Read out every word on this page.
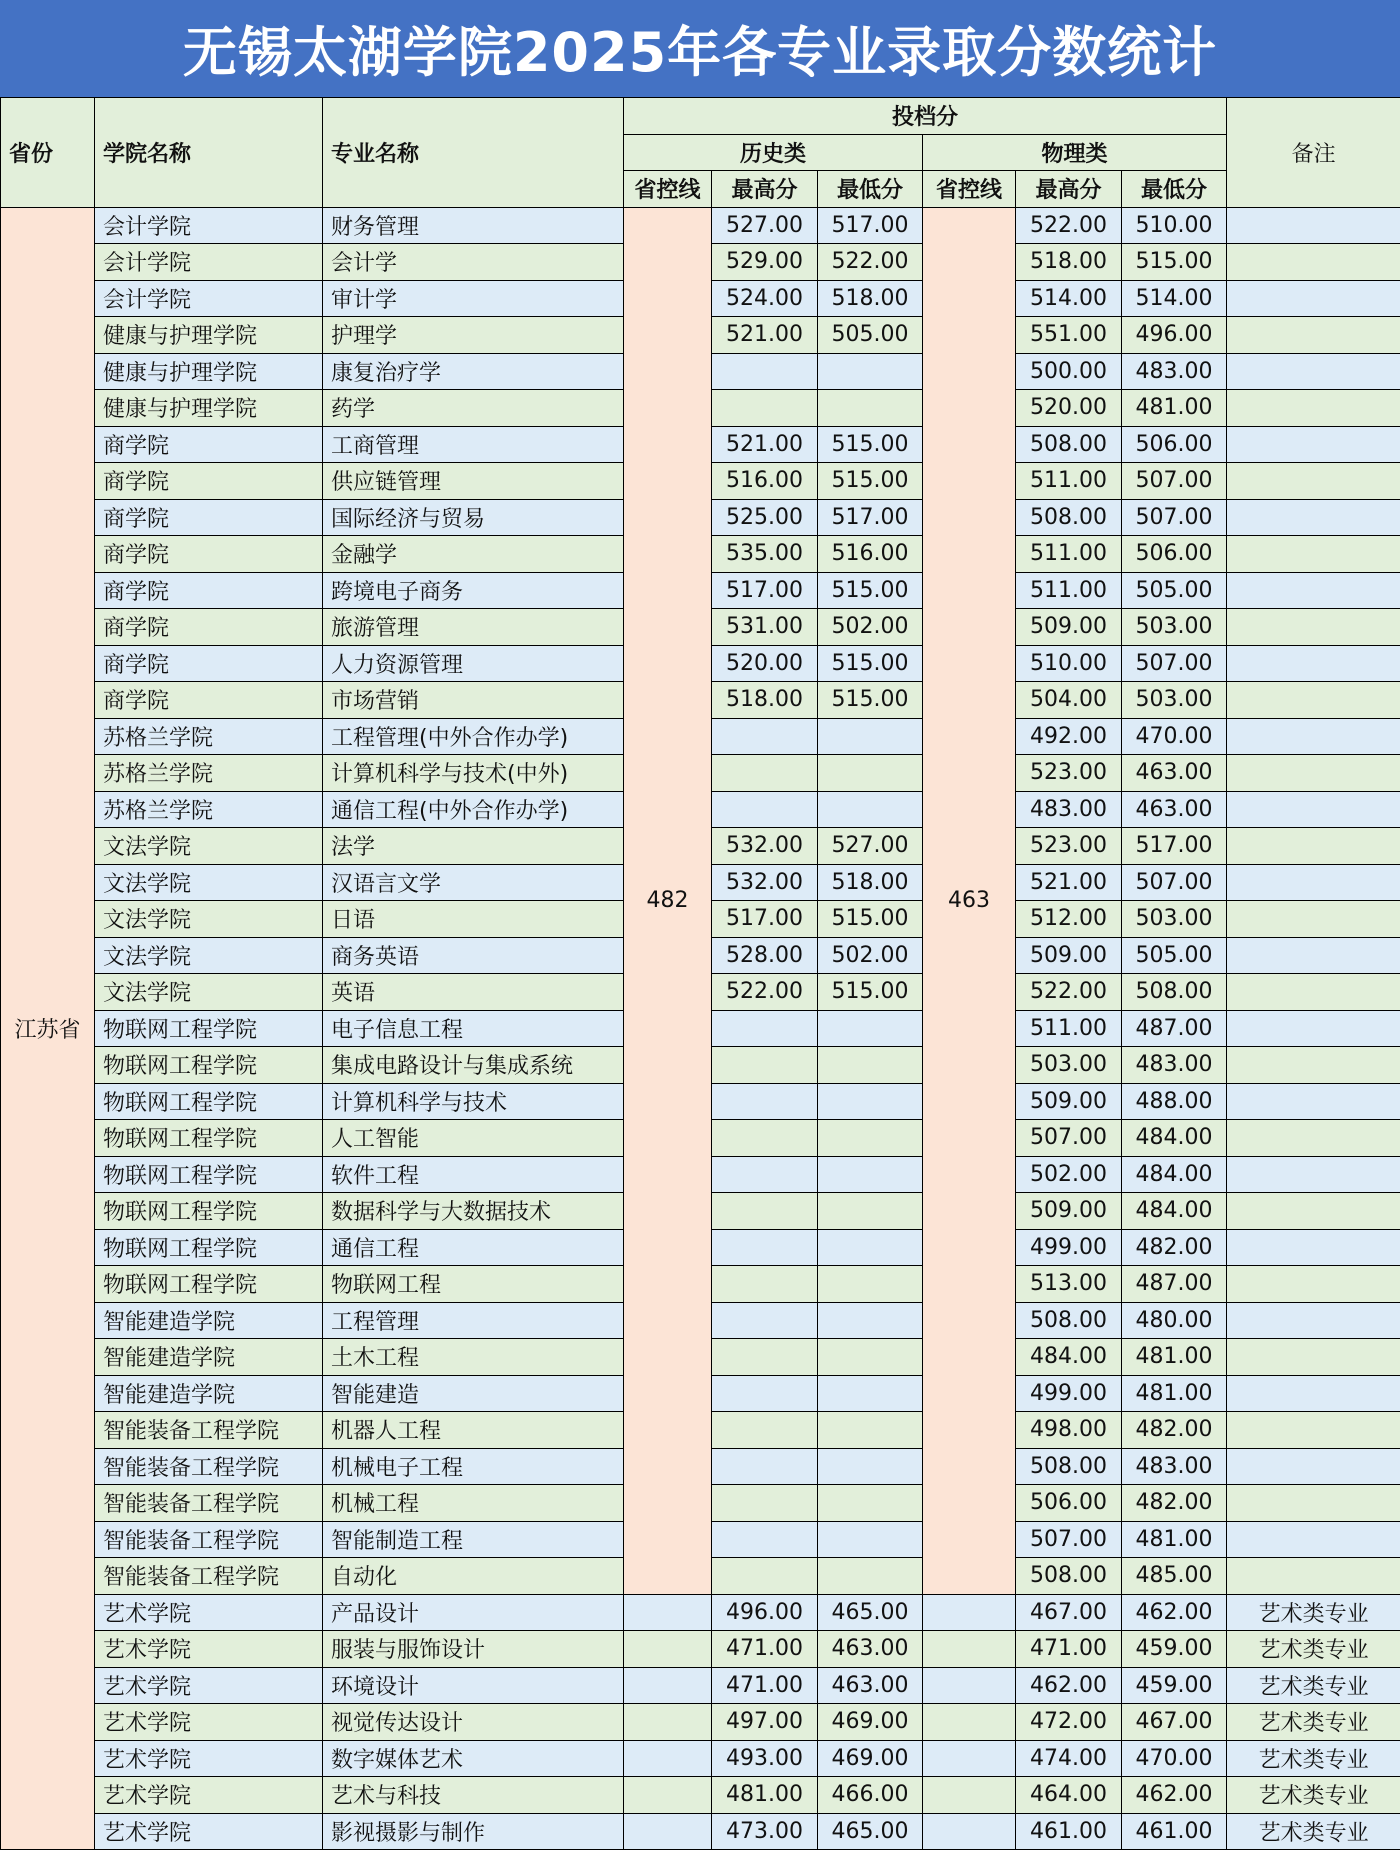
无锡太湖学院2025年各专业录取分数统计
省份	学院名称	专业名称	投档分						备注
			历史类			物理类			
			省控线	最高分	最低分	省控线	最高分	最低分	
江苏省	会计学院	财务管理	482	527.00	517.00	463	522.00	510.00	
	会计学院	会计学		529.00	522.00		518.00	515.00	
	会计学院	审计学		524.00	518.00		514.00	514.00	
	健康与护理学院	护理学		521.00	505.00		551.00	496.00	
	健康与护理学院	康复治疗学					500.00	483.00	
	健康与护理学院	药学					520.00	481.00	
	商学院	工商管理		521.00	515.00		508.00	506.00	
	商学院	供应链管理		516.00	515.00		511.00	507.00	
	商学院	国际经济与贸易		525.00	517.00		508.00	507.00	
	商学院	金融学		535.00	516.00		511.00	506.00	
	商学院	跨境电子商务		517.00	515.00		511.00	505.00	
	商学院	旅游管理		531.00	502.00		509.00	503.00	
	商学院	人力资源管理		520.00	515.00		510.00	507.00	
	商学院	市场营销		518.00	515.00		504.00	503.00	
	苏格兰学院	工程管理(中外合作办学)					492.00	470.00	
	苏格兰学院	计算机科学与技术(中外)					523.00	463.00	
	苏格兰学院	通信工程(中外合作办学)					483.00	463.00	
	文法学院	法学		532.00	527.00		523.00	517.00	
	文法学院	汉语言文学		532.00	518.00		521.00	507.00	
	文法学院	日语		517.00	515.00		512.00	503.00	
	文法学院	商务英语		528.00	502.00		509.00	505.00	
	文法学院	英语		522.00	515.00		522.00	508.00	
	物联网工程学院	电子信息工程					511.00	487.00	
	物联网工程学院	集成电路设计与集成系统					503.00	483.00	
	物联网工程学院	计算机科学与技术					509.00	488.00	
	物联网工程学院	人工智能					507.00	484.00	
	物联网工程学院	软件工程					502.00	484.00	
	物联网工程学院	数据科学与大数据技术					509.00	484.00	
	物联网工程学院	通信工程					499.00	482.00	
	物联网工程学院	物联网工程					513.00	487.00	
	智能建造学院	工程管理					508.00	480.00	
	智能建造学院	土木工程					484.00	481.00	
	智能建造学院	智能建造					499.00	481.00	
	智能装备工程学院	机器人工程					498.00	482.00	
	智能装备工程学院	机械电子工程					508.00	483.00	
	智能装备工程学院	机械工程					506.00	482.00	
	智能装备工程学院	智能制造工程					507.00	481.00	
	智能装备工程学院	自动化					508.00	485.00	
	艺术学院	产品设计		496.00	465.00		467.00	462.00	艺术类专业
	艺术学院	服装与服饰设计		471.00	463.00		471.00	459.00	艺术类专业
	艺术学院	环境设计		471.00	463.00		462.00	459.00	艺术类专业
	艺术学院	视觉传达设计		497.00	469.00		472.00	467.00	艺术类专业
	艺术学院	数字媒体艺术		493.00	469.00		474.00	470.00	艺术类专业
	艺术学院	艺术与科技		481.00	466.00		464.00	462.00	艺术类专业
	艺术学院	影视摄影与制作		473.00	465.00		461.00	461.00	艺术类专业
